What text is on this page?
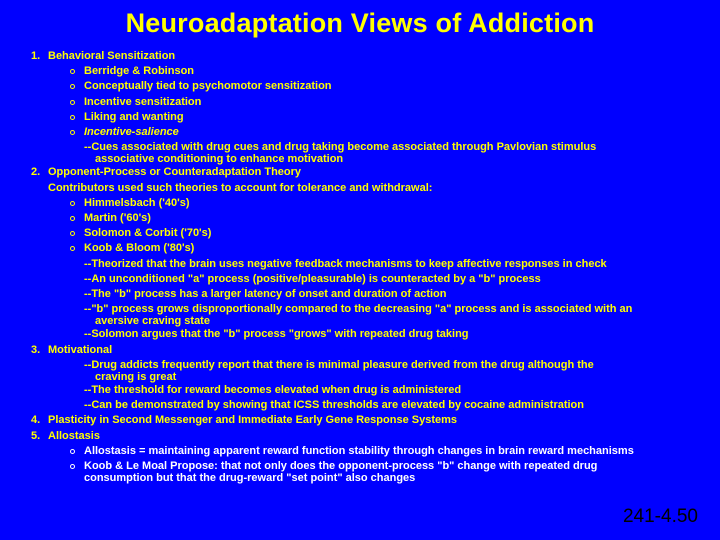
Neuroadaptation Views of Addiction
1. Behavioral Sensitization
Berridge & Robinson
Conceptually tied to psychomotor sensitization
Incentive sensitization
Liking and wanting
Incentive-salience
--Cues associated with drug cues and drug taking become associated through Pavlovian stimulus
associative conditioning to enhance motivation
2. Opponent-Process or Counteradaptation Theory
Contributors used such theories to account for tolerance and withdrawal:
Himmelsbach ('40's)
Martin ('60's)
Solomon & Corbit ('70's)
Koob & Bloom ('80's)
--Theorized that the brain uses negative feedback mechanisms to keep affective responses in check
--An unconditioned "a" process (positive/pleasurable) is counteracted by a "b" process
--The "b" process has a larger latency of onset and duration of action
--"b" process grows disproportionally compared to the decreasing "a" process and is associated with an
aversive craving state
--Solomon argues that the "b" process "grows" with repeated drug taking
3. Motivational
--Drug addicts frequently report that there is minimal pleasure derived from the drug although the
craving is great
--The threshold for reward becomes elevated when drug is administered
--Can be demonstrated by showing that ICSS thresholds are elevated by cocaine administration
4. Plasticity in Second Messenger and Immediate Early Gene Response Systems
5. Allostasis
Allostasis = maintaining apparent reward function stability through changes in brain reward mechanisms
Koob & Le Moal Propose: that not only does the opponent-process "b" change with repeated drug
consumption but that the drug-reward "set point" also changes
241-4.50
